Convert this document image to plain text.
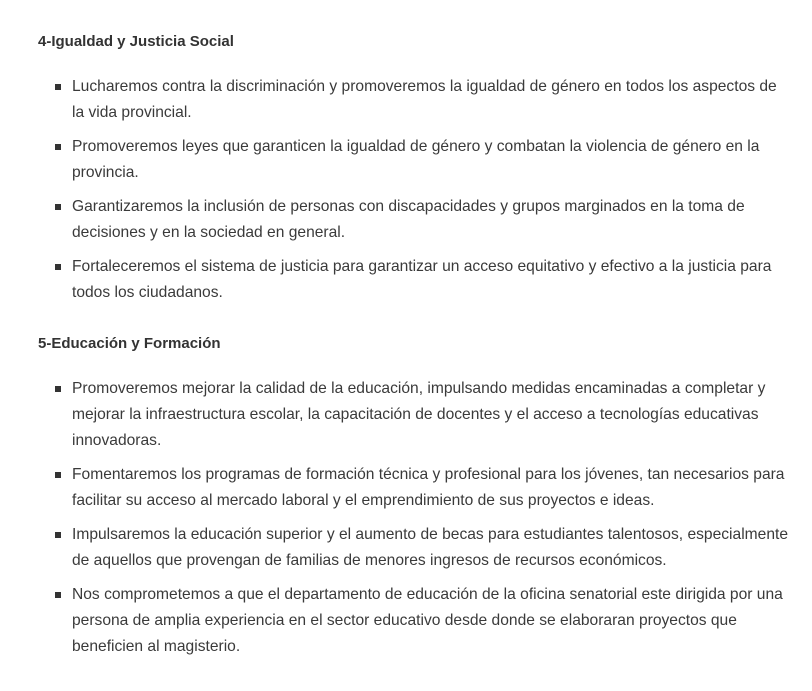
4-Igualdad y Justicia Social
Lucharemos contra la discriminación y promoveremos la igualdad de género en todos los aspectos de la vida provincial.
Promoveremos leyes que garanticen la igualdad de género y combatan la violencia de género en la provincia.
Garantizaremos la inclusión de personas con discapacidades y grupos marginados en la toma de decisiones y en la sociedad en general.
Fortaleceremos el sistema de justicia para garantizar un acceso equitativo y efectivo a la justicia para todos los ciudadanos.
5-Educación y Formación
Promoveremos mejorar la calidad de la educación, impulsando medidas encaminadas a completar y mejorar la infraestructura escolar, la capacitación de docentes y el acceso a tecnologías educativas innovadoras.
Fomentaremos los programas de formación técnica y profesional para los jóvenes, tan necesarios para facilitar su acceso al mercado laboral y el emprendimiento de sus proyectos e ideas.
Impulsaremos la educación superior y el aumento de becas para estudiantes talentosos, especialmente de aquellos que provengan de familias de menores ingresos de recursos económicos.
Nos comprometemos a que el departamento de educación de la oficina senatorial este dirigida por una persona de amplia experiencia en el sector educativo desde donde se elaboraran proyectos que beneficien al magisterio.
